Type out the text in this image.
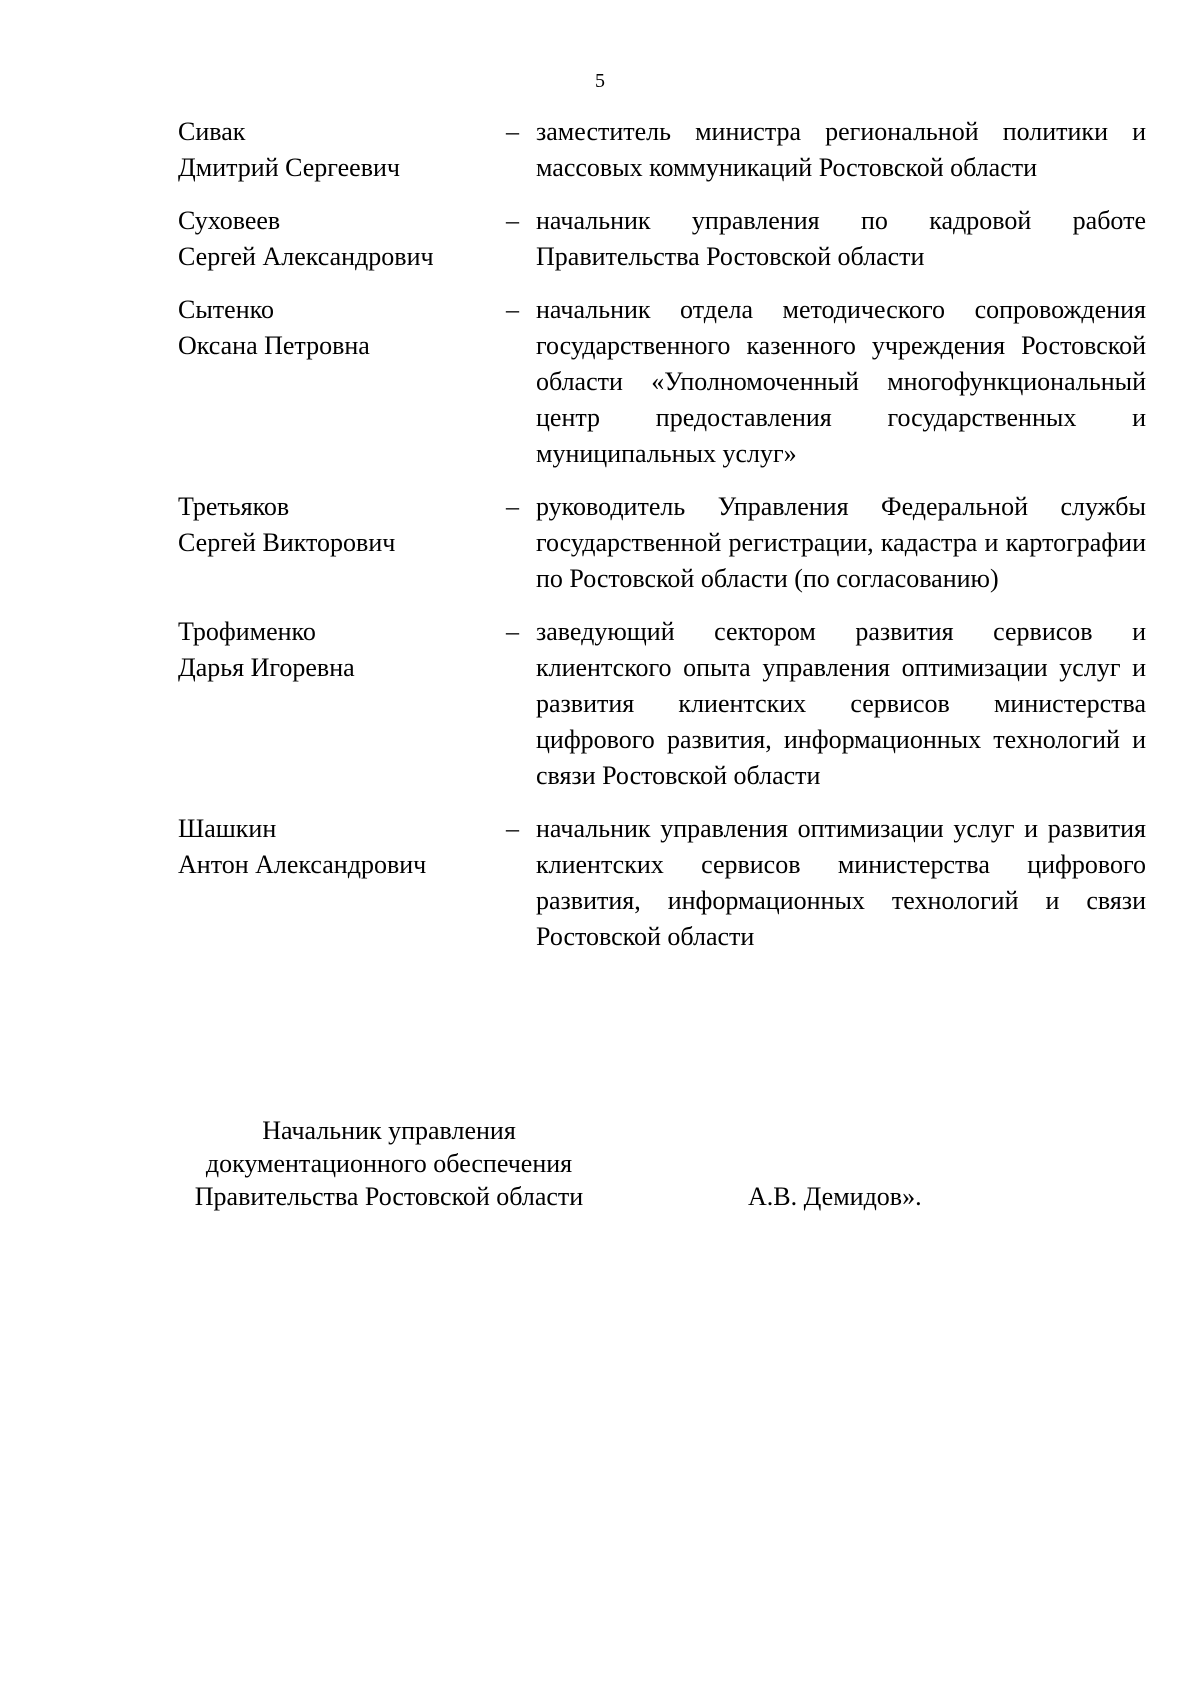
5
Сивак
Дмитрий Сергеевич
– заместитель министра региональной политики и массовых коммуникаций Ростовской области
Суховеев
Сергей Александрович
– начальник управления по кадровой работе Правительства Ростовской области
Сытенко
Оксана Петровна
– начальник отдела методического сопровождения государственного казенного учреждения Ростовской области «Уполномоченный многофункциональный центр предоставления государственных и муниципальных услуг»
Третьяков
Сергей Викторович
– руководитель Управления Федеральной службы государственной регистрации, кадастра и картографии по Ростовской области (по согласованию)
Трофименко
Дарья Игоревна
– заведующий сектором развития сервисов и клиентского опыта управления оптимизации услуг и развития клиентских сервисов министерства цифрового развития, информационных технологий и связи Ростовской области
Шашкин
Антон Александрович
– начальник управления оптимизации услуг и развития клиентских сервисов министерства цифрового развития, информационных технологий и связи Ростовской области
Начальник управления
документационного обеспечения
Правительства Ростовской области	А.В. Демидов».
